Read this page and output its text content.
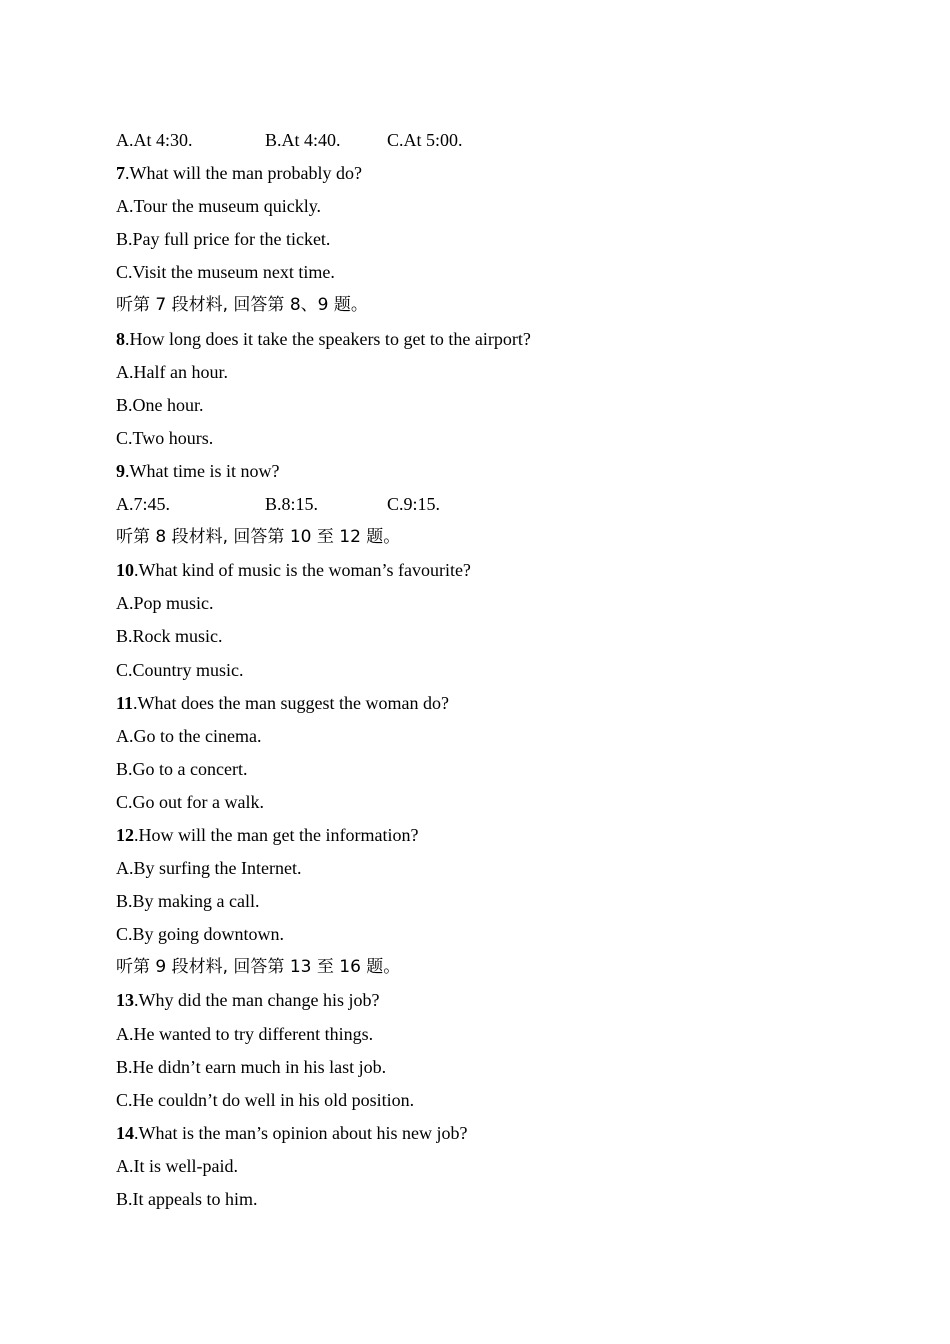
A.At 4:30.	B.At 4:40.	C.At 5:00.
7.What will the man probably do?
A.Tour the museum quickly.
B.Pay full price for the ticket.
C.Visit the museum next time.
听第 7 段材料, 回答第 8、9 题。
8.How long does it take the speakers to get to the airport?
A.Half an hour.
B.One hour.
C.Two hours.
9.What time is it now?
A.7:45.	B.8:15.	C.9:15.
听第 8 段材料, 回答第 10 至 12 题。
10.What kind of music is the woman’s favourite?
A.Pop music.
B.Rock music.
C.Country music.
11.What does the man suggest the woman do?
A.Go to the cinema.
B.Go to a concert.
C.Go out for a walk.
12.How will the man get the information?
A.By surfing the Internet.
B.By making a call.
C.By going downtown.
听第 9 段材料, 回答第 13 至 16 题。
13.Why did the man change his job?
A.He wanted to try different things.
B.He didn’t earn much in his last job.
C.He couldn’t do well in his old position.
14.What is the man’s opinion about his new job?
A.It is well-paid.
B.It appeals to him.
